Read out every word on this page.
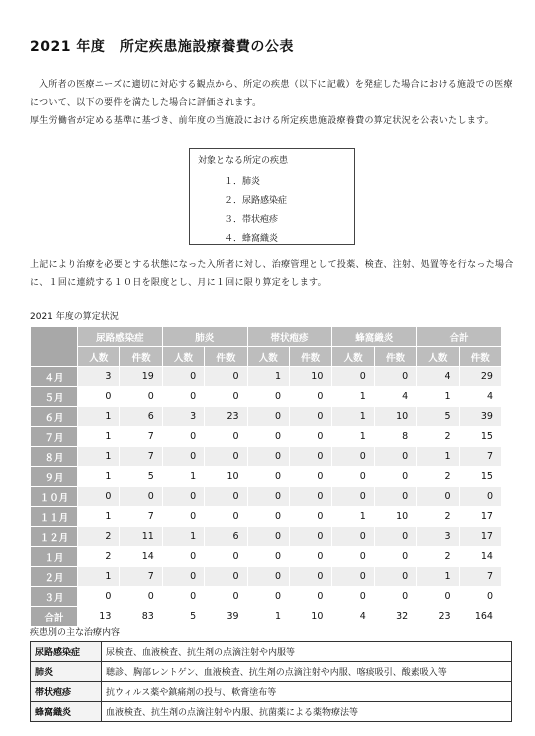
2021 年度　所定疾患施設療養費の公表
入所者の医療ニーズに適切に対応する観点から、所定の疾患（以下に記載）を発症した場合における施設での医療について、以下の要件を満たした場合に評価されます。
厚生労働省が定める基準に基づき、前年度の当施設における所定疾患施設療養費の算定状況を公表いたします。
対象となる所定の疾患
１．肺炎
２．尿路感染症
３．帯状疱疹
４．蜂窩織炎
上記により治療を必要とする状態になった入所者に対し、治療管理として投薬、検査、注射、処置等を行なった場合に、１回に連続する１０日を限度とし、月に１回に限り算定をします。
2021 年度の算定状況
	尿路感染症		肺炎		帯状疱疹		蜂窩織炎		合計	
	人数	件数	人数	件数	人数	件数	人数	件数	人数	件数
４月	3	19	0	0	1	10	0	0	4	29
５月	0	0	0	0	0	0	1	4	1	4
６月	1	6	3	23	0	0	1	10	5	39
７月	1	7	0	0	0	0	1	8	2	15
８月	1	7	0	0	0	0	0	0	1	7
９月	1	5	1	10	0	0	0	0	2	15
１０月	0	0	0	0	0	0	0	0	0	0
１１月	1	7	0	0	0	0	1	10	2	17
１２月	2	11	1	6	0	0	0	0	3	17
１月	2	14	0	0	0	0	0	0	2	14
２月	1	7	0	0	0	0	0	0	1	7
３月	0	0	0	0	0	0	0	0	0	0
合計	13	83	5	39	1	10	4	32	23	164
疾患別の主な治療内容
尿路感染症	尿検査、血液検査、抗生剤の点滴注射や内服等
肺炎	聴診、胸部レントゲン、血液検査、抗生剤の点滴注射や内服、喀痰吸引、酸素吸入等
帯状疱疹	抗ウィルス薬や鎮痛剤の投与、軟膏塗布等
蜂窩織炎	血液検査、抗生剤の点滴注射や内服、抗菌薬による薬物療法等
